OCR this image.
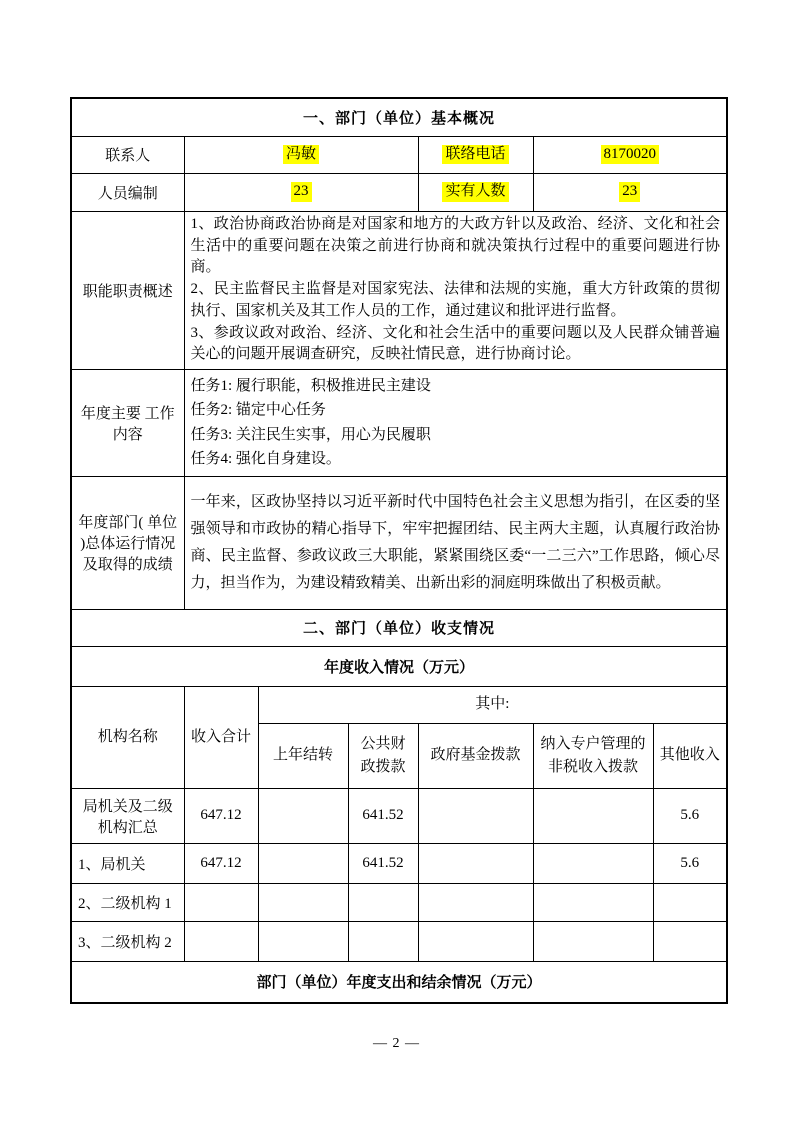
一、部门（单位）基本概况						
联系人	冯敏			联络电话	8170020	
人员编制	23			实有人数	23	
职能职责概述	1、政治协商政治协商是对国家和地方的大政方针以及政治、经济、文化和社会生活中的重要问题在决策之前进行协商和就决策执行过程中的重要问题进行协商。

2、民主监督民主监督是对国家宪法、法律和法规的实施，重大方针政策的贯彻执行、国家机关及其工作人员的工作，通过建议和批评进行监督。

3、参政议政对政治、经济、文化和社会生活中的重要问题以及人民群众铺普遍关心的问题开展调查研究，反映社情民意，进行协商讨论。					

年度主要 工作内容	任务1: 履行职能，积极推进民主建设
任务2: 锚定中心任务
任务3: 关注民生实事，用心为民履职
任务4: 强化自身建设。					

年度部门( 单位 )总体运行情况及取得的成绩	一年来，区政协坚持以习近平新时代中国特色社会主义思想为指引，在区委的坚强领导和市政协的精心指导下，牢牢把握团结、民主两大主题，认真履行政治协商、民主监督、参政议政三大职能，紧紧围绕区委“一二三六”工作思路，倾心尽力，担当作为，为建设精致精美、出新出彩的洞庭明珠做出了积极贡献。					
二、部门（单位）收支情况						
年度收入情况（万元）						
机构名称	收入合计	其中:				
		上年结转	公共财政拨款	政府基金拨款	纳入专户管理的非税收入拨款	其他收入
局机关及二级机构汇总	647.12		641.52			5.6
1、局机关	647.12		641.52			5.6
2、二级机构 1						
3、二级机构 2						
部门（单位）年度支出和结余情况（万元）						
— 2 —
